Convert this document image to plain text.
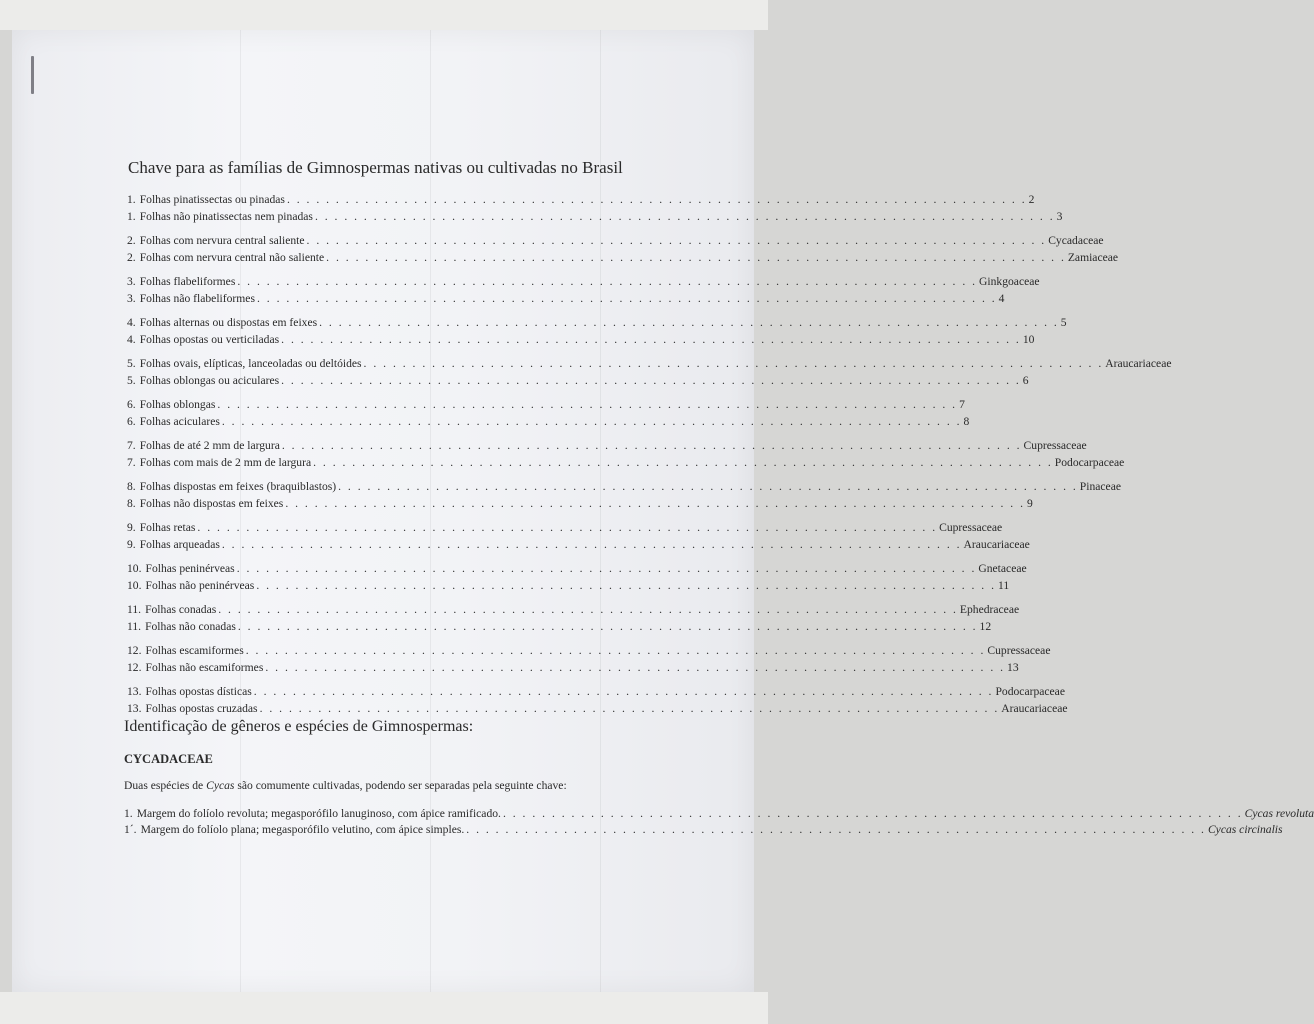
Chave para as famílias de Gimnospermas nativas ou cultivadas no Brasil
1. Folhas pinatissectas ou pinadas . . . . . . . . . . . . . . . . . . . . . . . . . . . . . . . . . . . . . . . . . . . . . . . . . . . . . . . . . . . . . . . . . . . . . . . . . . . . 2
1. Folhas não pinatissectas nem pinadas . . . . . . . . . . . . . . . . . . . . . . . . . . . . . . . . . . . . . . . . . . . . . . . . . . . . . . . . . . . . . . . . . . . . . . . . . . . . 3
2. Folhas com nervura central saliente . . . . . . . . . . . . . . . . . . . . . . . . . . . . . . . . . . . . . . . . . . . . . . . . . . . . . . . . . . . . . . . . . . . . . . . . . . . . Cycadaceae
2. Folhas com nervura central não saliente . . . . . . . . . . . . . . . . . . . . . . . . . . . . . . . . . . . . . . . . . . . . . . . . . . . . . . . . . . . . . . . . . . . . . . . . . . . . Zamiaceae
3. Folhas flabeliformes . . . . . . . . . . . . . . . . . . . . . . . . . . . . . . . . . . . . . . . . . . . . . . . . . . . . . . . . . . . . . . . . . . . . . . . . . . . . Ginkgoaceae
3. Folhas não flabeliformes . . . . . . . . . . . . . . . . . . . . . . . . . . . . . . . . . . . . . . . . . . . . . . . . . . . . . . . . . . . . . . . . . . . . . . . . . . . . 4
4. Folhas alternas ou dispostas em feixes . . . . . . . . . . . . . . . . . . . . . . . . . . . . . . . . . . . . . . . . . . . . . . . . . . . . . . . . . . . . . . . . . . . . . . . . . . . . 5
4. Folhas opostas ou verticiladas . . . . . . . . . . . . . . . . . . . . . . . . . . . . . . . . . . . . . . . . . . . . . . . . . . . . . . . . . . . . . . . . . . . . . . . . . . . . 10
5. Folhas ovais, elípticas, lanceoladas ou deltóides . . . . . . . . . . . . . . . . . . . . . . . . . . . . . . . . . . . . . . . . . . . . . . . . . . . . . . . . . . . . . . . . . . . . . . . . . . . . Araucariaceae
5. Folhas oblongas ou aciculares . . . . . . . . . . . . . . . . . . . . . . . . . . . . . . . . . . . . . . . . . . . . . . . . . . . . . . . . . . . . . . . . . . . . . . . . . . . . 6
6. Folhas oblongas . . . . . . . . . . . . . . . . . . . . . . . . . . . . . . . . . . . . . . . . . . . . . . . . . . . . . . . . . . . . . . . . . . . . . . . . . . . . 7
6. Folhas aciculares . . . . . . . . . . . . . . . . . . . . . . . . . . . . . . . . . . . . . . . . . . . . . . . . . . . . . . . . . . . . . . . . . . . . . . . . . . . . 8
7. Folhas de até 2 mm de largura . . . . . . . . . . . . . . . . . . . . . . . . . . . . . . . . . . . . . . . . . . . . . . . . . . . . . . . . . . . . . . . . . . . . . . . . . . . . Cupressaceae
7. Folhas com mais de 2 mm de largura . . . . . . . . . . . . . . . . . . . . . . . . . . . . . . . . . . . . . . . . . . . . . . . . . . . . . . . . . . . . . . . . . . . . . . . . . . . . Podocarpaceae
8. Folhas dispostas em feixes (braquiblastos) . . . . . . . . . . . . . . . . . . . . . . . . . . . . . . . . . . . . . . . . . . . . . . . . . . . . . . . . . . . . . . . . . . . . . . . . . . . . Pinaceae
8. Folhas não dispostas em feixes . . . . . . . . . . . . . . . . . . . . . . . . . . . . . . . . . . . . . . . . . . . . . . . . . . . . . . . . . . . . . . . . . . . . . . . . . . . . 9
9. Folhas retas . . . . . . . . . . . . . . . . . . . . . . . . . . . . . . . . . . . . . . . . . . . . . . . . . . . . . . . . . . . . . . . . . . . . . . . . . . . . Cupressaceae
9. Folhas arqueadas . . . . . . . . . . . . . . . . . . . . . . . . . . . . . . . . . . . . . . . . . . . . . . . . . . . . . . . . . . . . . . . . . . . . . . . . . . . . Araucariaceae
10. Folhas peninérveas . . . . . . . . . . . . . . . . . . . . . . . . . . . . . . . . . . . . . . . . . . . . . . . . . . . . . . . . . . . . . . . . . . . . . . . . . . . . Gnetaceae
10. Folhas não peninérveas . . . . . . . . . . . . . . . . . . . . . . . . . . . . . . . . . . . . . . . . . . . . . . . . . . . . . . . . . . . . . . . . . . . . . . . . . . . . 11
11. Folhas conadas . . . . . . . . . . . . . . . . . . . . . . . . . . . . . . . . . . . . . . . . . . . . . . . . . . . . . . . . . . . . . . . . . . . . . . . . . . . . Ephedraceae
11. Folhas não conadas . . . . . . . . . . . . . . . . . . . . . . . . . . . . . . . . . . . . . . . . . . . . . . . . . . . . . . . . . . . . . . . . . . . . . . . . . . . . 12
12. Folhas escamiformes . . . . . . . . . . . . . . . . . . . . . . . . . . . . . . . . . . . . . . . . . . . . . . . . . . . . . . . . . . . . . . . . . . . . . . . . . . . . Cupressaceae
12. Folhas não escamiformes . . . . . . . . . . . . . . . . . . . . . . . . . . . . . . . . . . . . . . . . . . . . . . . . . . . . . . . . . . . . . . . . . . . . . . . . . . . . 13
13. Folhas opostas dísticas . . . . . . . . . . . . . . . . . . . . . . . . . . . . . . . . . . . . . . . . . . . . . . . . . . . . . . . . . . . . . . . . . . . . . . . . . . . . Podocarpaceae
13. Folhas opostas cruzadas . . . . . . . . . . . . . . . . . . . . . . . . . . . . . . . . . . . . . . . . . . . . . . . . . . . . . . . . . . . . . . . . . . . . . . . . . . . . Araucariaceae
Identificação de gêneros e espécies de Gimnospermas:
CYCADACEAE
Duas espécies de Cycas são comumente cultivadas, podendo ser separadas pela seguinte chave:
1. Margem do folíolo revoluta; megasporófilo lanuginoso, com ápice ramificado. . . . . . . . . . . . . . . . . . . . . . . . . . . . . . . . . . . . . . . . . . . . . . . . . . . . . . . . . . . . . . . . . . . . . . . . . . . . . Cycas revoluta
1´. Margem do folíolo plana; megasporófilo velutino, com ápice simples. . . . . . . . . . . . . . . . . . . . . . . . . . . . . . . . . . . . . . . . . . . . . . . . . . . . . . . . . . . . . . . . . . . . . . . . . . . . . Cycas circinalis
